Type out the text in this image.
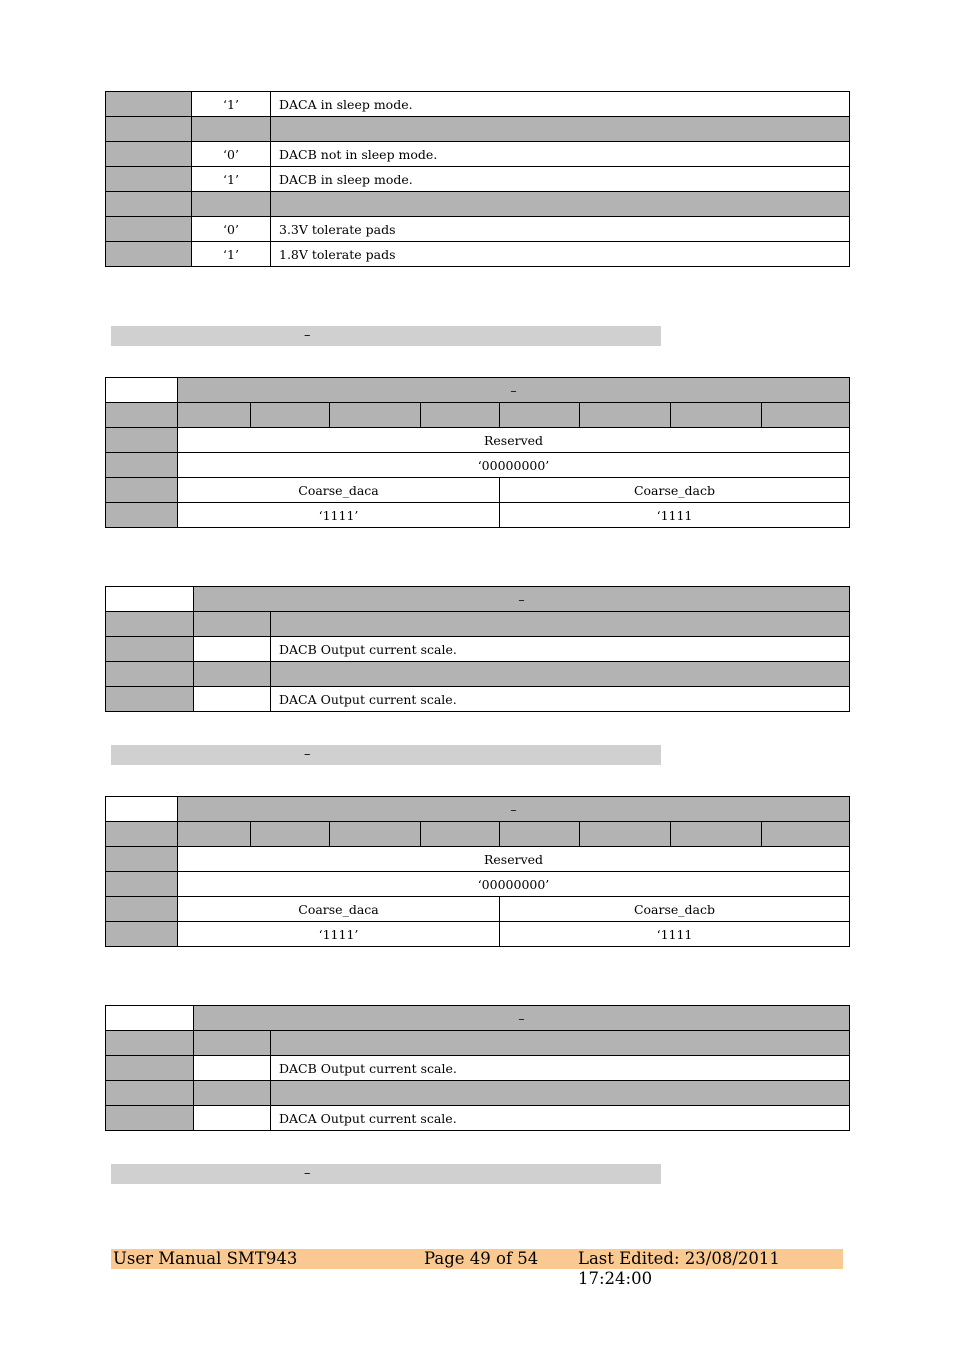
	‘1’	DACA in sleep mode.

	‘0’	DACB not in sleep mode.
	‘1’	DACB in sleep mode.

	‘0’	3.3V tolerate pads
	‘1’	1.8V tolerate pads
–
	–							

	Reserved							
	‘00000000’							
	Coarse_daca				Coarse_dacb			
	‘1111’				‘1111			
	–	

		DACB Output current scale.

		DACA Output current scale.
–
	–							

	Reserved							
	‘00000000’							
	Coarse_daca				Coarse_dacb			
	‘1111’				‘1111			
	–	

		DACB Output current scale.

		DACA Output current scale.
–
User Manual SMT943	Page 49 of 54 Last Edited: 23/08/2011 17:24:00
